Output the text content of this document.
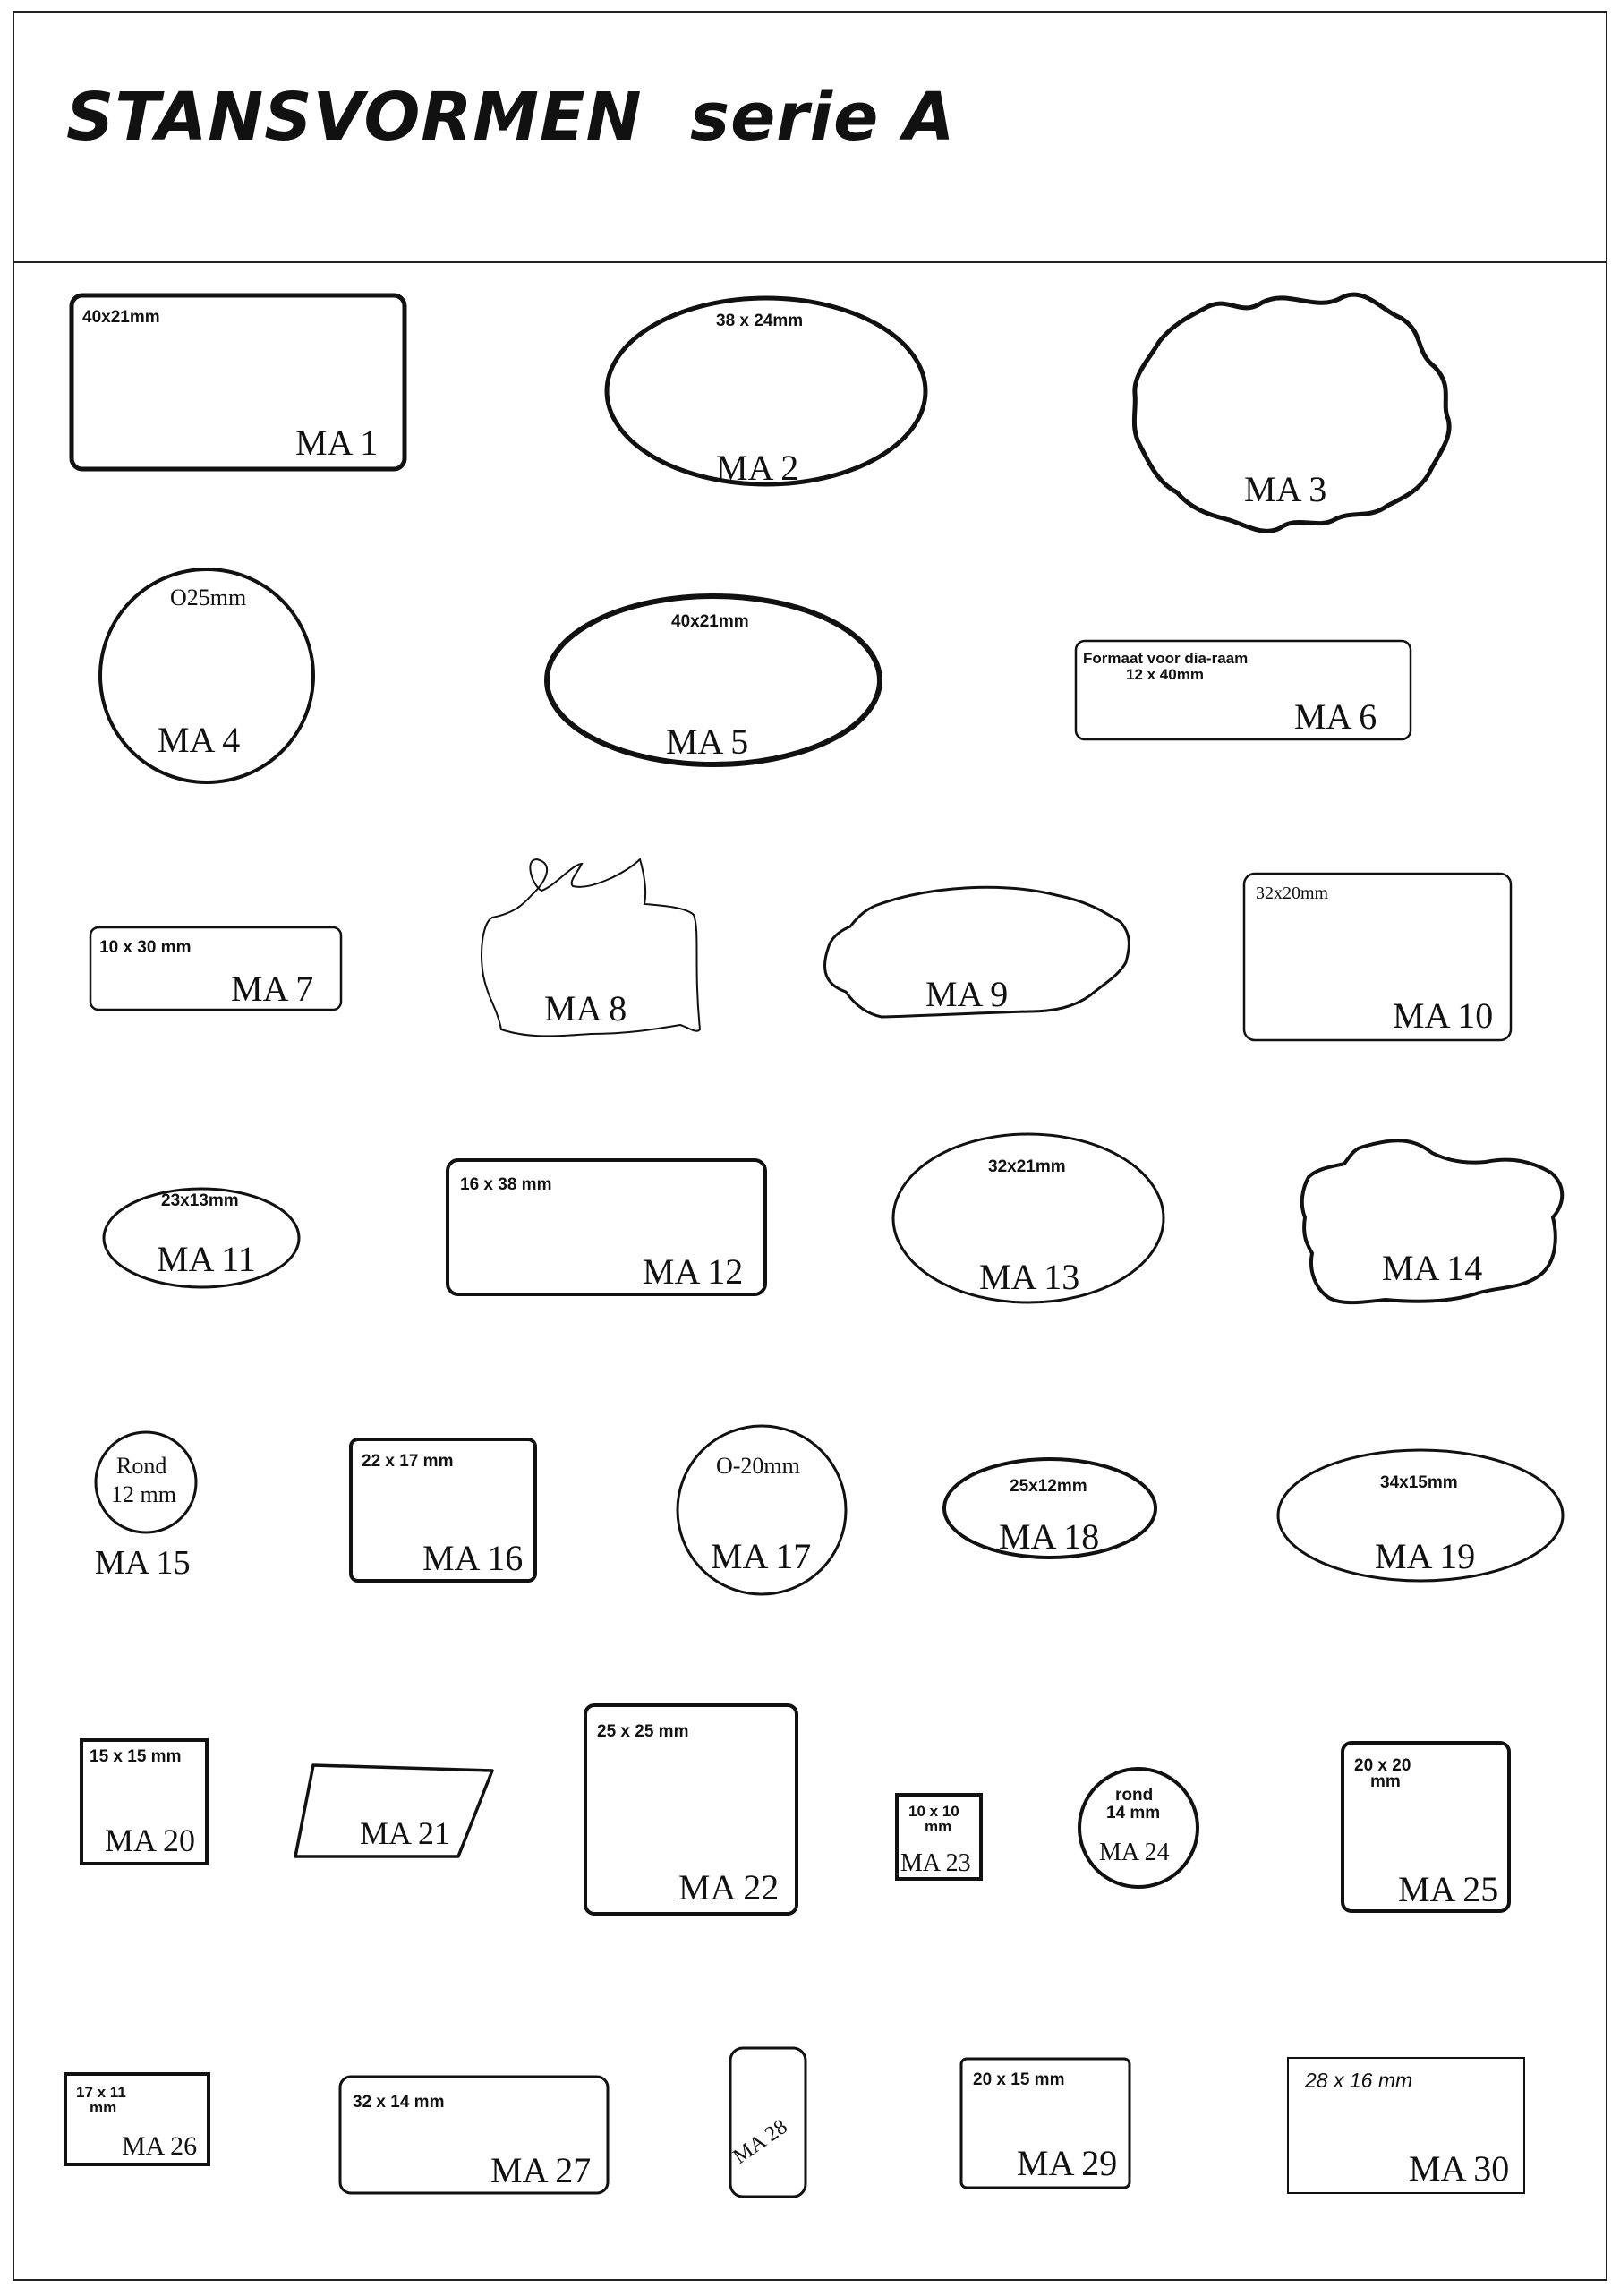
STANSVORMEN  serie A
40x21mm
MA 1
38 x 24mm
MA 2
MA 3
O25mm
MA 4
40x21mm
MA 5
Formaat voor dia-raam
12 x 40mm
MA 6
10 x 30 mm
MA 7	MA 8	MA 9
32x20mm
MA 10
23x13mm
MA 11
16 x 38 mm
MA 12
32x21mm
MA 13	MA 14
Rond
12 mm
MA 15
22 x 17 mm
MA 16
O-20mm
MA 17
25x12mm
MA 18
34x15mm
MA 19
15 x 15 mm
MA 20	MA 21
25 x 25 mm
MA 22
10 x 10
mm
MA 23
rond
14 mm
MA 24
20 x 20
mm
MA 25
17 x 11
mm
MA 26
32 x 14 mm
MA 27
MA 28
20 x 15 mm
MA 29
28 x 16 mm
MA 30
